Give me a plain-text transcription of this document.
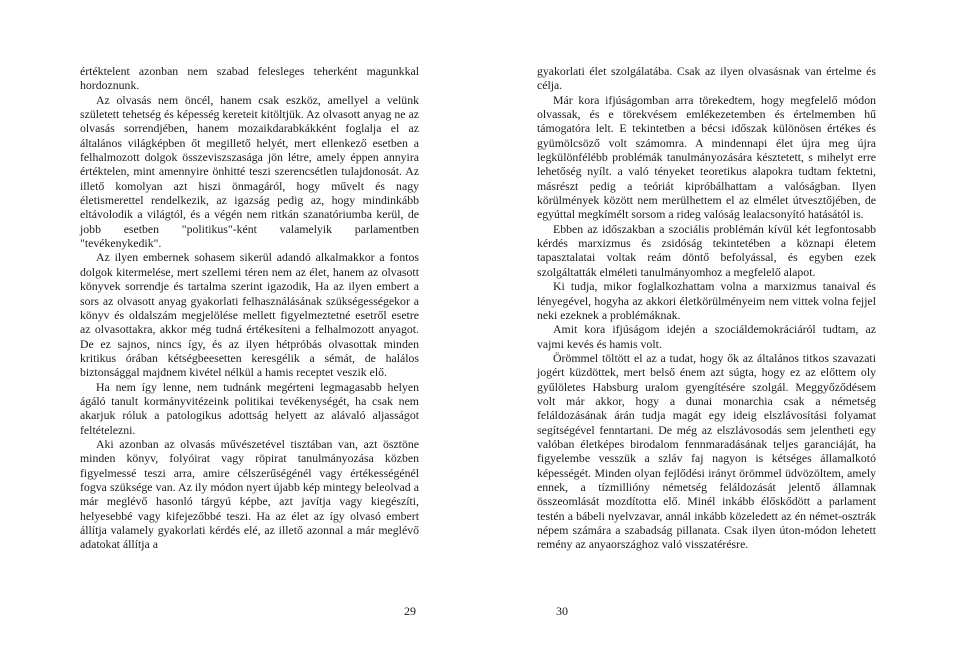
értéktelent azonban nem szabad felesleges teherként magunkkal hordoznunk.

Az olvasás nem öncél, hanem csak eszköz, amellyel a velünk született tehetség és képesség kereteit kitöltjük. Az olvasott anyag ne az olvasás sorrendjében, hanem mozaikdarabkákként foglalja el az általános világképben őt megillető helyét, mert ellenkező esetben a felhalmozott dolgok összeviszszasága jön létre, amely éppen annyira értéktelen, mint amennyire önhitté teszi szerencsétlen tulajdonosát. Az illető komolyan azt hiszi önmagáról, hogy művelt és nagy életismerettel rendelkezik, az igazság pedig az, hogy mindinkább eltávolodik a világtól, és a végén nem ritkán szanatóriumba kerül, de jobb esetben "politikus"-ként valamelyik parlamentben "tevékenykedik".

Az ilyen embernek sohasem sikerül adandó alkalmakkor a fontos dolgok kitermelése, mert szellemi téren nem az élet, hanem az olvasott könyvek sorrendje és tartalma szerint igazodik, Ha az ilyen embert a sors az olvasott anyag gyakorlati felhasználásának szükségességekor a könyv és oldalszám megjelölése mellett figyelmeztetné esetről esetre az olvasottakra, akkor még tudná értékesíteni a felhalmozott anyagot. De ez sajnos, nincs így, és az ilyen hétpróbás olvasottak minden kritikus órában kétségbeesetten keresgélik a sémát, de halálos biztonsággal majdnem kivétel nélkül a hamis receptet veszik elő.

Ha nem így lenne, nem tudnánk megérteni legmagasabb helyen ágáló tanult kormányvitézeink politikai tevékenységét, ha csak nem akarjuk róluk a patologikus adottság helyett az alávaló aljasságot feltételezni.

Aki azonban az olvasás művészetével tisztában van, azt ösztöne minden könyv, folyóirat vagy röpirat tanulmányozása közben figyelmessé teszi arra, amire célszerűségénél vagy értékességénél fogva szüksége van. Az ily módon nyert újabb kép mintegy beleolvad a már meglévő hasonló tárgyú képbe, azt javítja vagy kiegészíti, helyesebbé vagy kifejezőbbé teszi. Ha az élet az így olvasó embert állítja valamely gyakorlati kérdés elé, az illető azonnal a már meglévő adatokat állítja a

gyakorlati élet szolgálatába. Csak az ilyen olvasásnak van értelme és célja.

Már kora ifjúságomban arra törekedtem, hogy megfelelő módon olvassak, és e törekvésem emlékezetemben és értelmemben hű támogatóra lelt. E tekintetben a bécsi időszak különösen értékes és gyümölcsöző volt számomra. A mindennapi élet újra meg újra legkülönfélébb problémák tanulmányozására késztetett, s mihelyt erre lehetőség nyílt. a való tényeket teoretikus alapokra tudtam fektetni, másrészt pedig a teóriát kipróbálhattam a valóságban. Ilyen körülmények között nem merülhettem el az elmélet útvesztőjében, de egyúttal megkímélt sorsom a rideg valóság lealacsonyító hatásától is.

Ebben az időszakban a szociális problémán kívül két legfontosabb kérdés marxizmus és zsidóság tekintetében a köznapi életem tapasztalatai voltak reám döntő befolyással, és egyben ezek szolgáltatták elméleti tanulmányomhoz a megfelelő alapot.

Ki tudja, mikor foglalkozhattam volna a marxizmus tanaival és lényegével, hogyha az akkori életkörülményeim nem vittek volna fejjel neki ezeknek a problémáknak.

Amit kora ifjúságom idején a szociáldemokráciáról tudtam, az vajmi kevés és hamis volt.

Örömmel töltött el az a tudat, hogy ők az általános titkos szavazati jogért küzdöttek, mert belső énem azt súgta, hogy ez az előttem oly gyűlöletes Habsburg uralom gyengítésére szolgál. Meggyőződésem volt már akkor, hogy a dunai monarchia csak a németség feláldozásának árán tudja magát egy ideig elszlávosítási folyamat segítségével fenntartani. De még az elszlávosodás sem jelentheti egy valóban életképes birodalom fennmaradásának teljes garanciáját, ha figyelembe vesszük a szláv faj nagyon is kétséges államalkotó képességét. Minden olyan fejlődési irányt örömmel üdvözöltem, amely ennek, a tízmillióny németség feláldozását jelentő államnak összeomlását mozdította elő. Minél inkább élőskődött a parlament testén a bábeli nyelvzavar, annál inkább közeledett az én német-osztrák népem számára a szabadság pillanata. Csak ilyen úton-módon lehetett remény az anyaországhoz való visszatérésre.

29	30
